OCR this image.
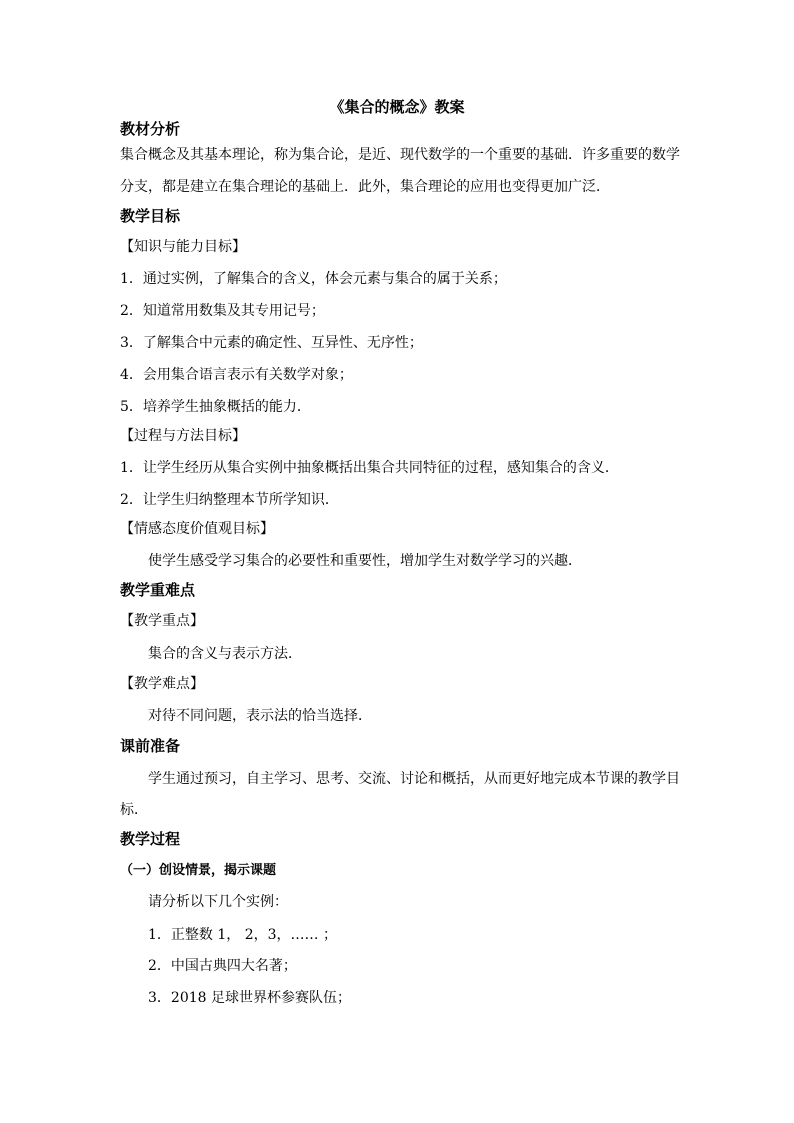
《集合的概念》教案
教材分析
集合概念及其基本理论，称为集合论，是近、现代数学的一个重要的基础．许多重要的数学
分支，都是建立在集合理论的基础上．此外，集合理论的应用也变得更加广泛．
教学目标
【知识与能力目标】
1．通过实例，了解集合的含义，体会元素与集合的属于关系；
2．知道常用数集及其专用记号；
3．了解集合中元素的确定性、互异性、无序性；
4．会用集合语言表示有关数学对象；
5．培养学生抽象概括的能力．
【过程与方法目标】
1．让学生经历从集合实例中抽象概括出集合共同特征的过程，感知集合的含义．
2．让学生归纳整理本节所学知识．
【情感态度价值观目标】
使学生感受学习集合的必要性和重要性，增加学生对数学学习的兴趣．
教学重难点
【教学重点】
集合的含义与表示方法．
【教学难点】
对待不同问题，表示法的恰当选择．
课前准备
学生通过预习，自主学习、思考、交流、讨论和概括，从而更好地完成本节课的教学目
标．
教学过程
（一）创设情景，揭示课题
请分析以下几个实例：
1．正整数 1， 2，3，…… ；
2．中国古典四大名著；
3．2018 足球世界杯参赛队伍；
